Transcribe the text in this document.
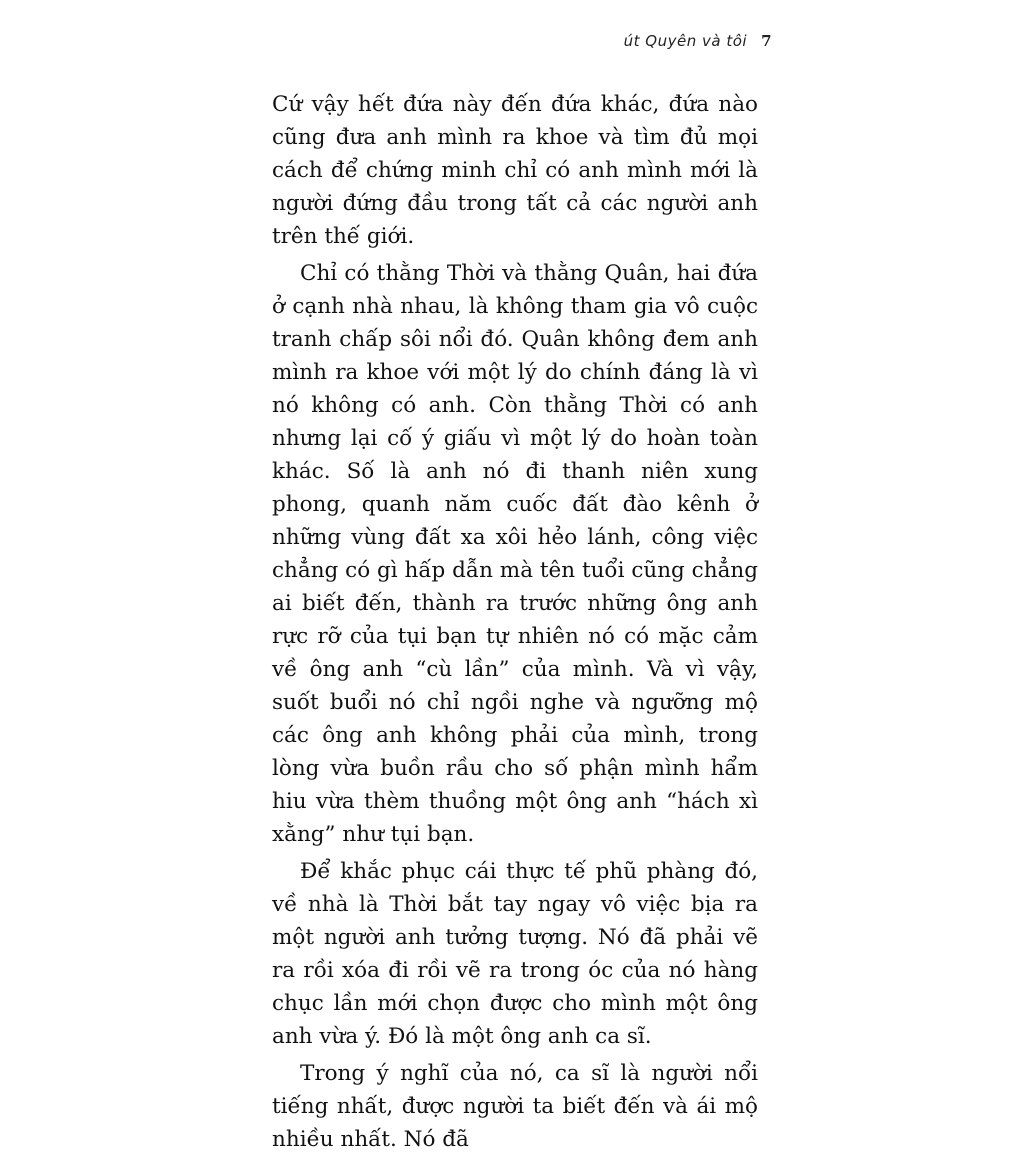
út Quyên và tôi 7

Cứ vậy hết đứa này đến đứa khác, đứa nào cũng đưa anh mình ra khoe và tìm đủ mọi cách để chứng minh chỉ có anh mình mới là người đứng đầu trong tất cả các người anh trên thế giới.

Chỉ có thằng Thời và thằng Quân, hai đứa ở cạnh nhà nhau, là không tham gia vô cuộc tranh chấp sôi nổi đó. Quân không đem anh mình ra khoe với một lý do chính đáng là vì nó không có anh. Còn thằng Thời có anh nhưng lại cố ý giấu vì một lý do hoàn toàn khác. Số là anh nó đi thanh niên xung phong, quanh năm cuốc đất đào kênh ở những vùng đất xa xôi hẻo lánh, công việc chẳng có gì hấp dẫn mà tên tuổi cũng chẳng ai biết đến, thành ra trước những ông anh rực rỡ của tụi bạn tự nhiên nó có mặc cảm về ông anh “cù lần” của mình. Và vì vậy, suốt buổi nó chỉ ngồi nghe và ngưỡng mộ các ông anh không phải của mình, trong lòng vừa buồn rầu cho số phận mình hẩm hiu vừa thèm thuồng một ông anh “hách xì xằng” như tụi bạn.

Để khắc phục cái thực tế phũ phàng đó, về nhà là Thời bắt tay ngay vô việc bịa ra một người anh tưởng tượng. Nó đã phải vẽ ra rồi xóa đi rồi vẽ ra trong óc của nó hàng chục lần mới chọn được cho mình một ông anh vừa ý. Đó là một ông anh ca sĩ.

Trong ý nghĩ của nó, ca sĩ là người nổi tiếng nhất, được người ta biết đến và ái mộ nhiều nhất. Nó đã
